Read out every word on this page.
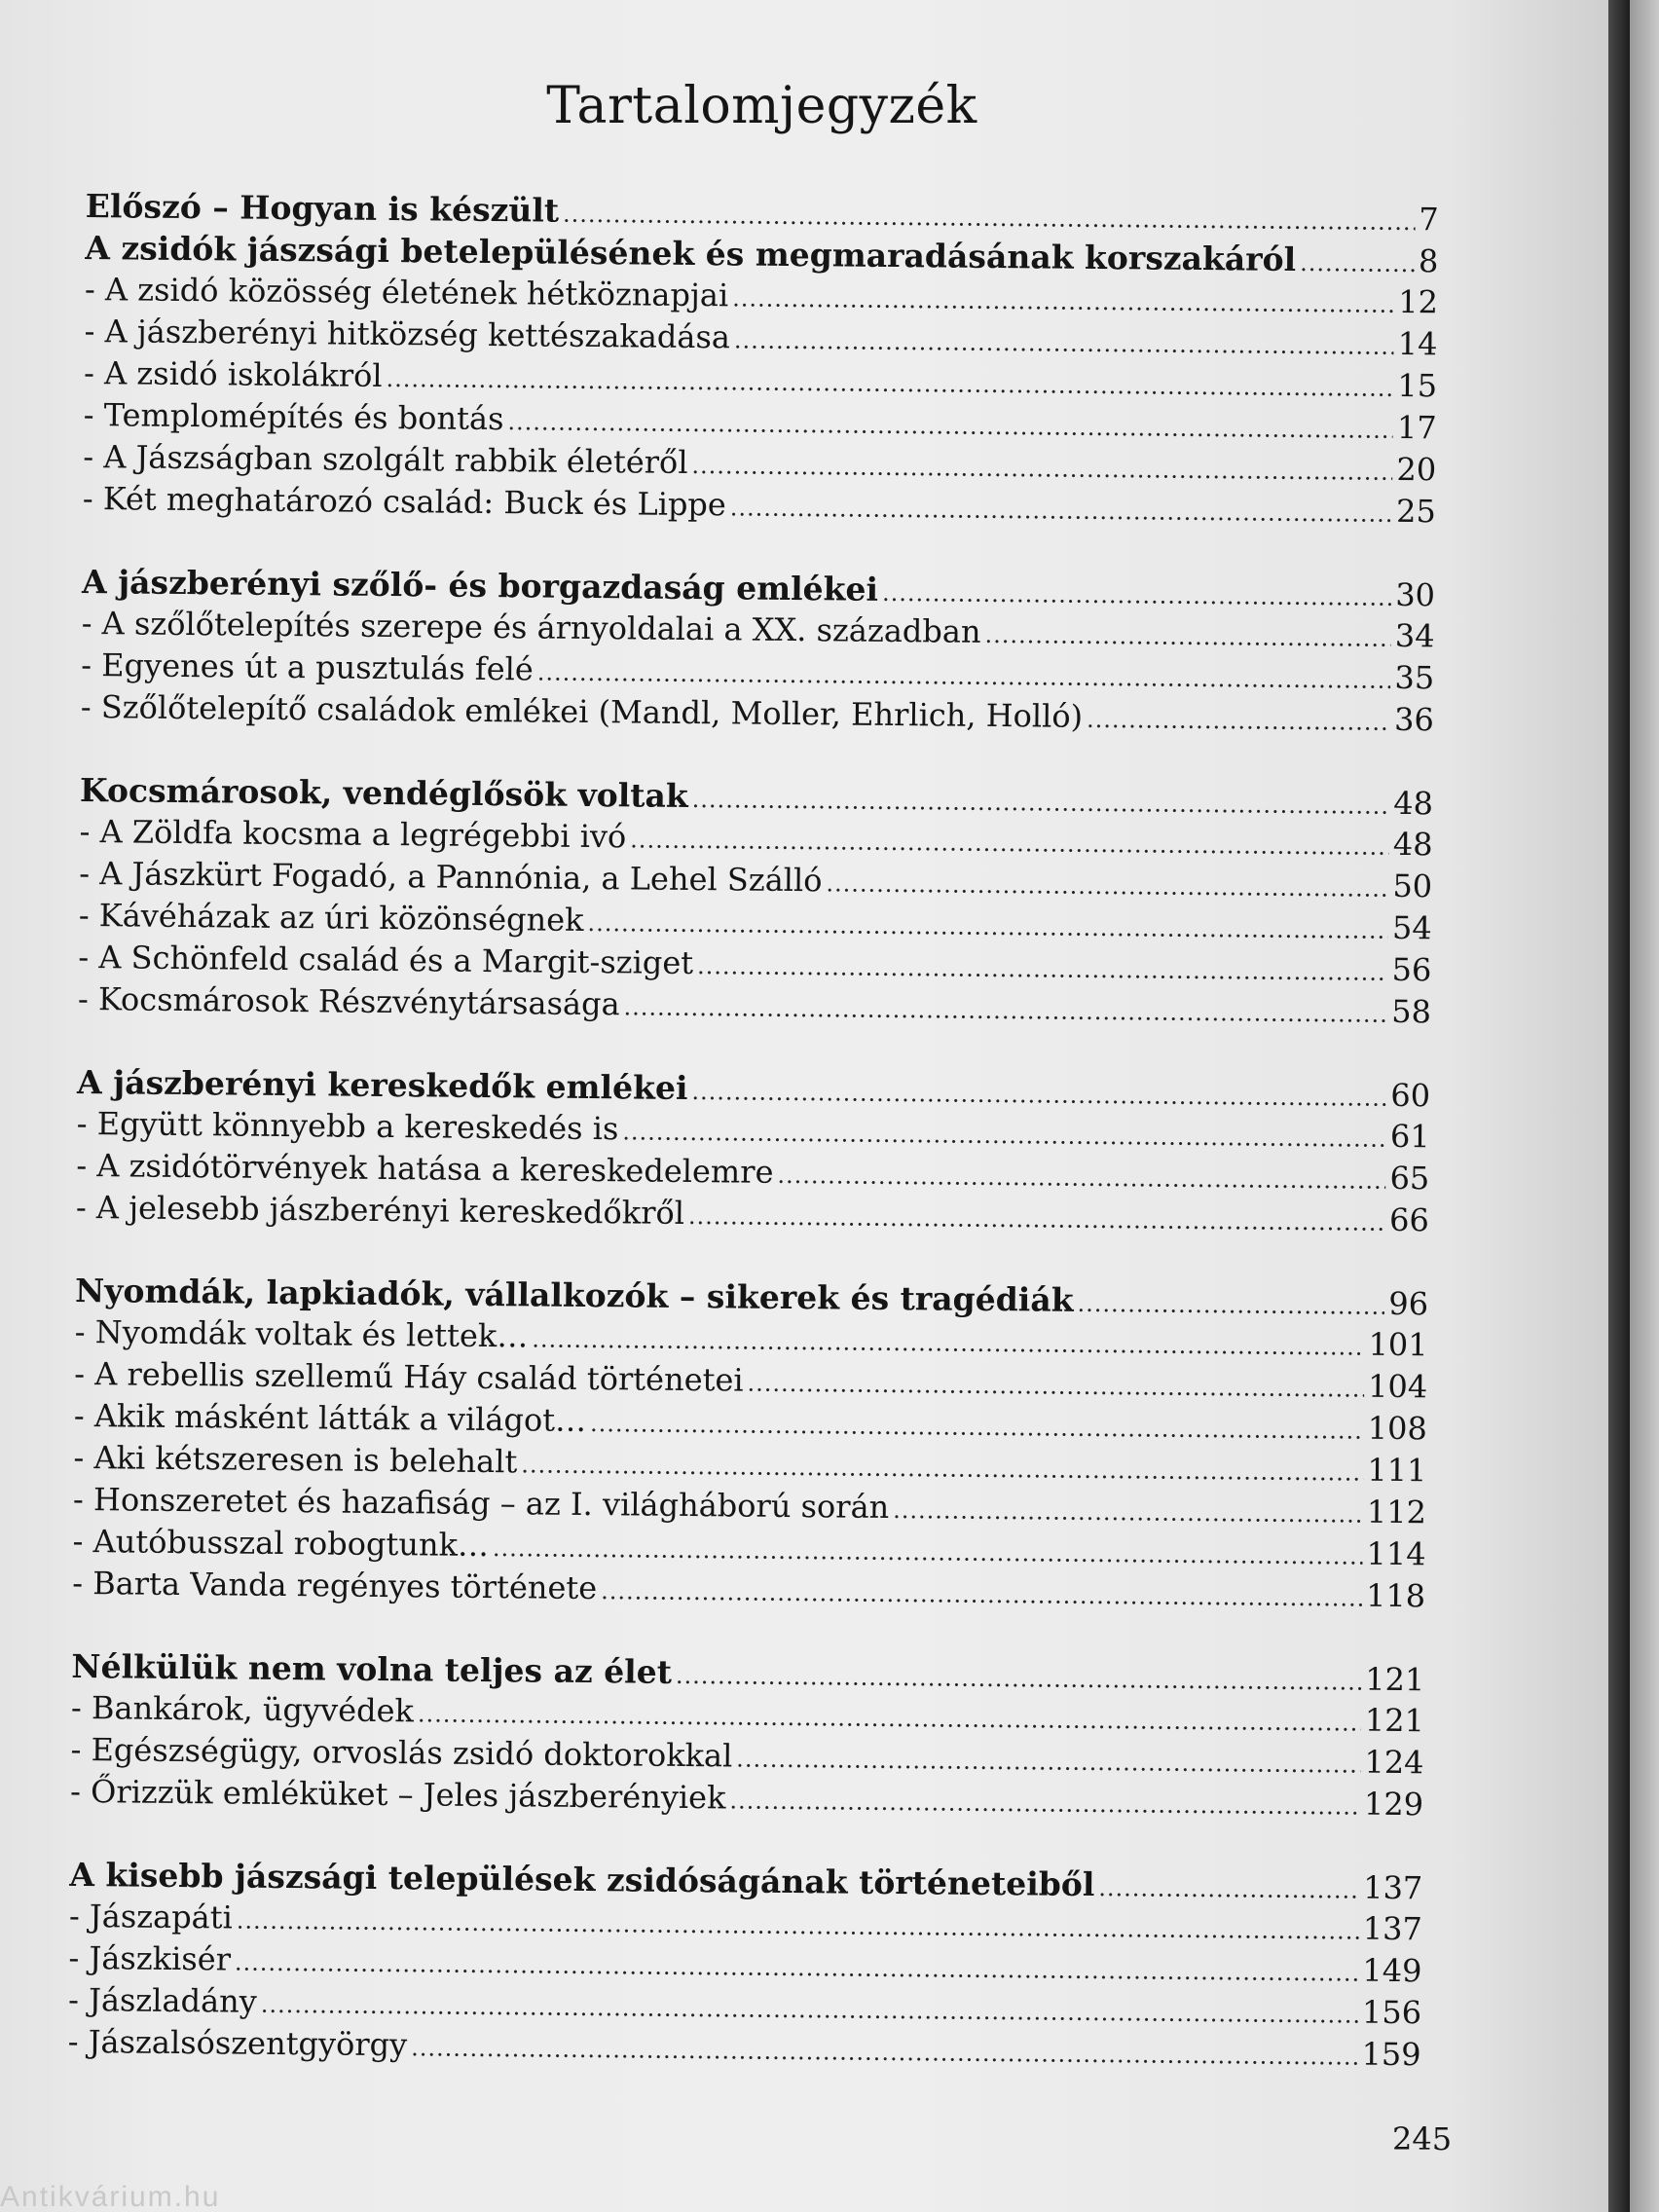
Tartalomjegyzék
Előszó – Hogyan is készült .....	7
A zsidók jászsági betelepülésének és megmaradásának korszakáról .....	8
- A zsidó közösség életének hétköznapjai .....	12
- A jászberényi hitközség kettészakadása .....	14
- A zsidó iskolákról .....	15
- Templomépítés és bontás .....	17
- A Jászságban szolgált rabbik életéről .....	20
- Két meghatározó család: Buck és Lippe .....	25
A jászberényi szőlő- és borgazdaság emlékei .....	30
- A szőlőtelepítés szerepe és árnyoldalai a XX. században .....	34
- Egyenes út a pusztulás felé .....	35
- Szőlőtelepítő családok emlékei (Mandl, Moller, Ehrlich, Holló) .....	36
Kocsmárosok, vendéglősök voltak .....	48
- A Zöldfa kocsma a legrégebbi ivó .....	48
- A Jászkürt Fogadó, a Pannónia, a Lehel Szálló .....	50
- Kávéházak az úri közönségnek .....	54
- A Schönfeld család és a Margit-sziget .....	56
- Kocsmárosok Részvénytársasága .....	58
A jászberényi kereskedők emlékei .....	60
- Együtt könnyebb a kereskedés is .....	61
- A zsidótörvények hatása a kereskedelemre .....	65
- A jelesebb jászberényi kereskedőkről .....	66
Nyomdák, lapkiadók, vállalkozók – sikerek és tragédiák .....	96
- Nyomdák voltak és lettek… .....	101
- A rebellis szellemű Háy család történetei .....	104
- Akik másként látták a világot… .....	108
- Aki kétszeresen is belehalt .....	111
- Honszeretet és hazafiság – az I. világháború során .....	112
- Autóbusszal robogtunk… .....	114
- Barta Vanda regényes története .....	118
Nélkülük nem volna teljes az élet .....	121
- Bankárok, ügyvédek .....	121
- Egészségügy, orvoslás zsidó doktorokkal .....	124
- Őrizzük emléküket – Jeles jászberényiek .....	129
A kisebb jászsági települések zsidóságának történeteiből .....	137
- Jászapáti .....	137
- Jászkisér .....	149
- Jászladány .....	156
- Jászalsószentgyörgy .....	159
245
Antikvárium.hu
